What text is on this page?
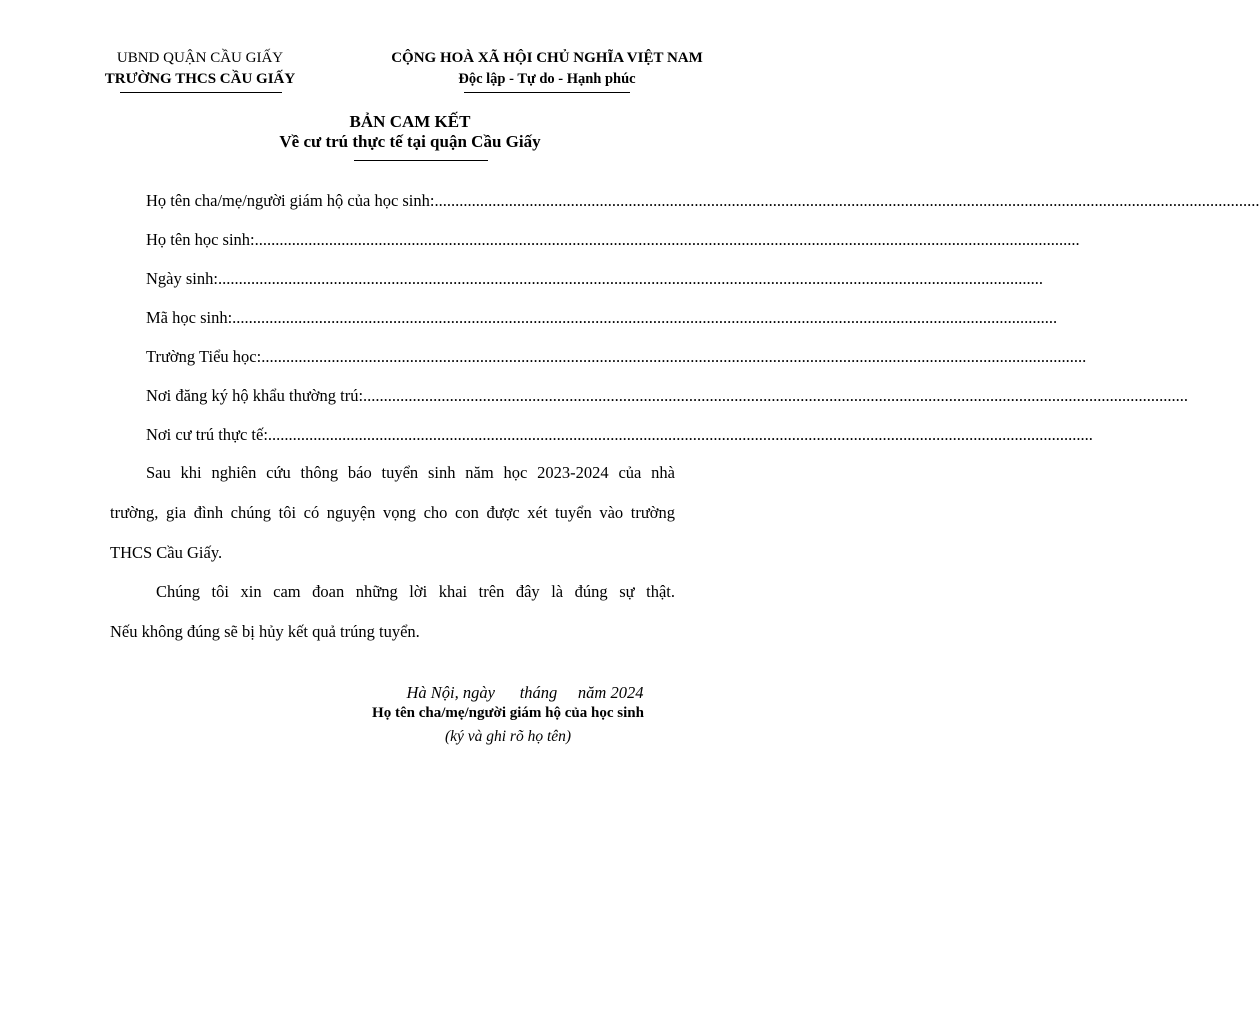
UBND QUẬN CẦU GIẤY
TRƯỜNG THCS CẦU GIẤY
CỘNG HOÀ XÃ HỘI CHỦ NGHĨA VIỆT NAM
Độc lập - Tự do - Hạnh phúc
BẢN CAM KẾT
Về cư trú thực tế tại quận Cầu Giấy
Họ tên cha/mẹ/người giám hộ của học sinh: ........................................................................................................................................................................................................
Họ tên học sinh: ........................................................................................................................................................................................................
Ngày sinh: ........................................................................................................................................................................................................
Mã học sinh: ........................................................................................................................................................................................................
Trường Tiểu học: ........................................................................................................................................................................................................
Nơi đăng ký hộ khẩu thường trú: ........................................................................................................................................................................................................
Nơi cư trú thực tế: ........................................................................................................................................................................................................
Sau khi nghiên cứu thông báo tuyển sinh năm học 2023-2024 của nhà
trường, gia đình chúng tôi có nguyện vọng cho con được xét tuyển vào trường
THCS Cầu Giấy.
Chúng tôi xin cam đoan những lời khai trên đây là đúng sự thật.
Nếu không đúng sẽ bị hủy kết quả trúng tuyển.
Hà Nội, ngày      tháng     năm 2024
Họ tên cha/mẹ/người giám hộ của học sinh
(ký và ghi rõ họ tên)
